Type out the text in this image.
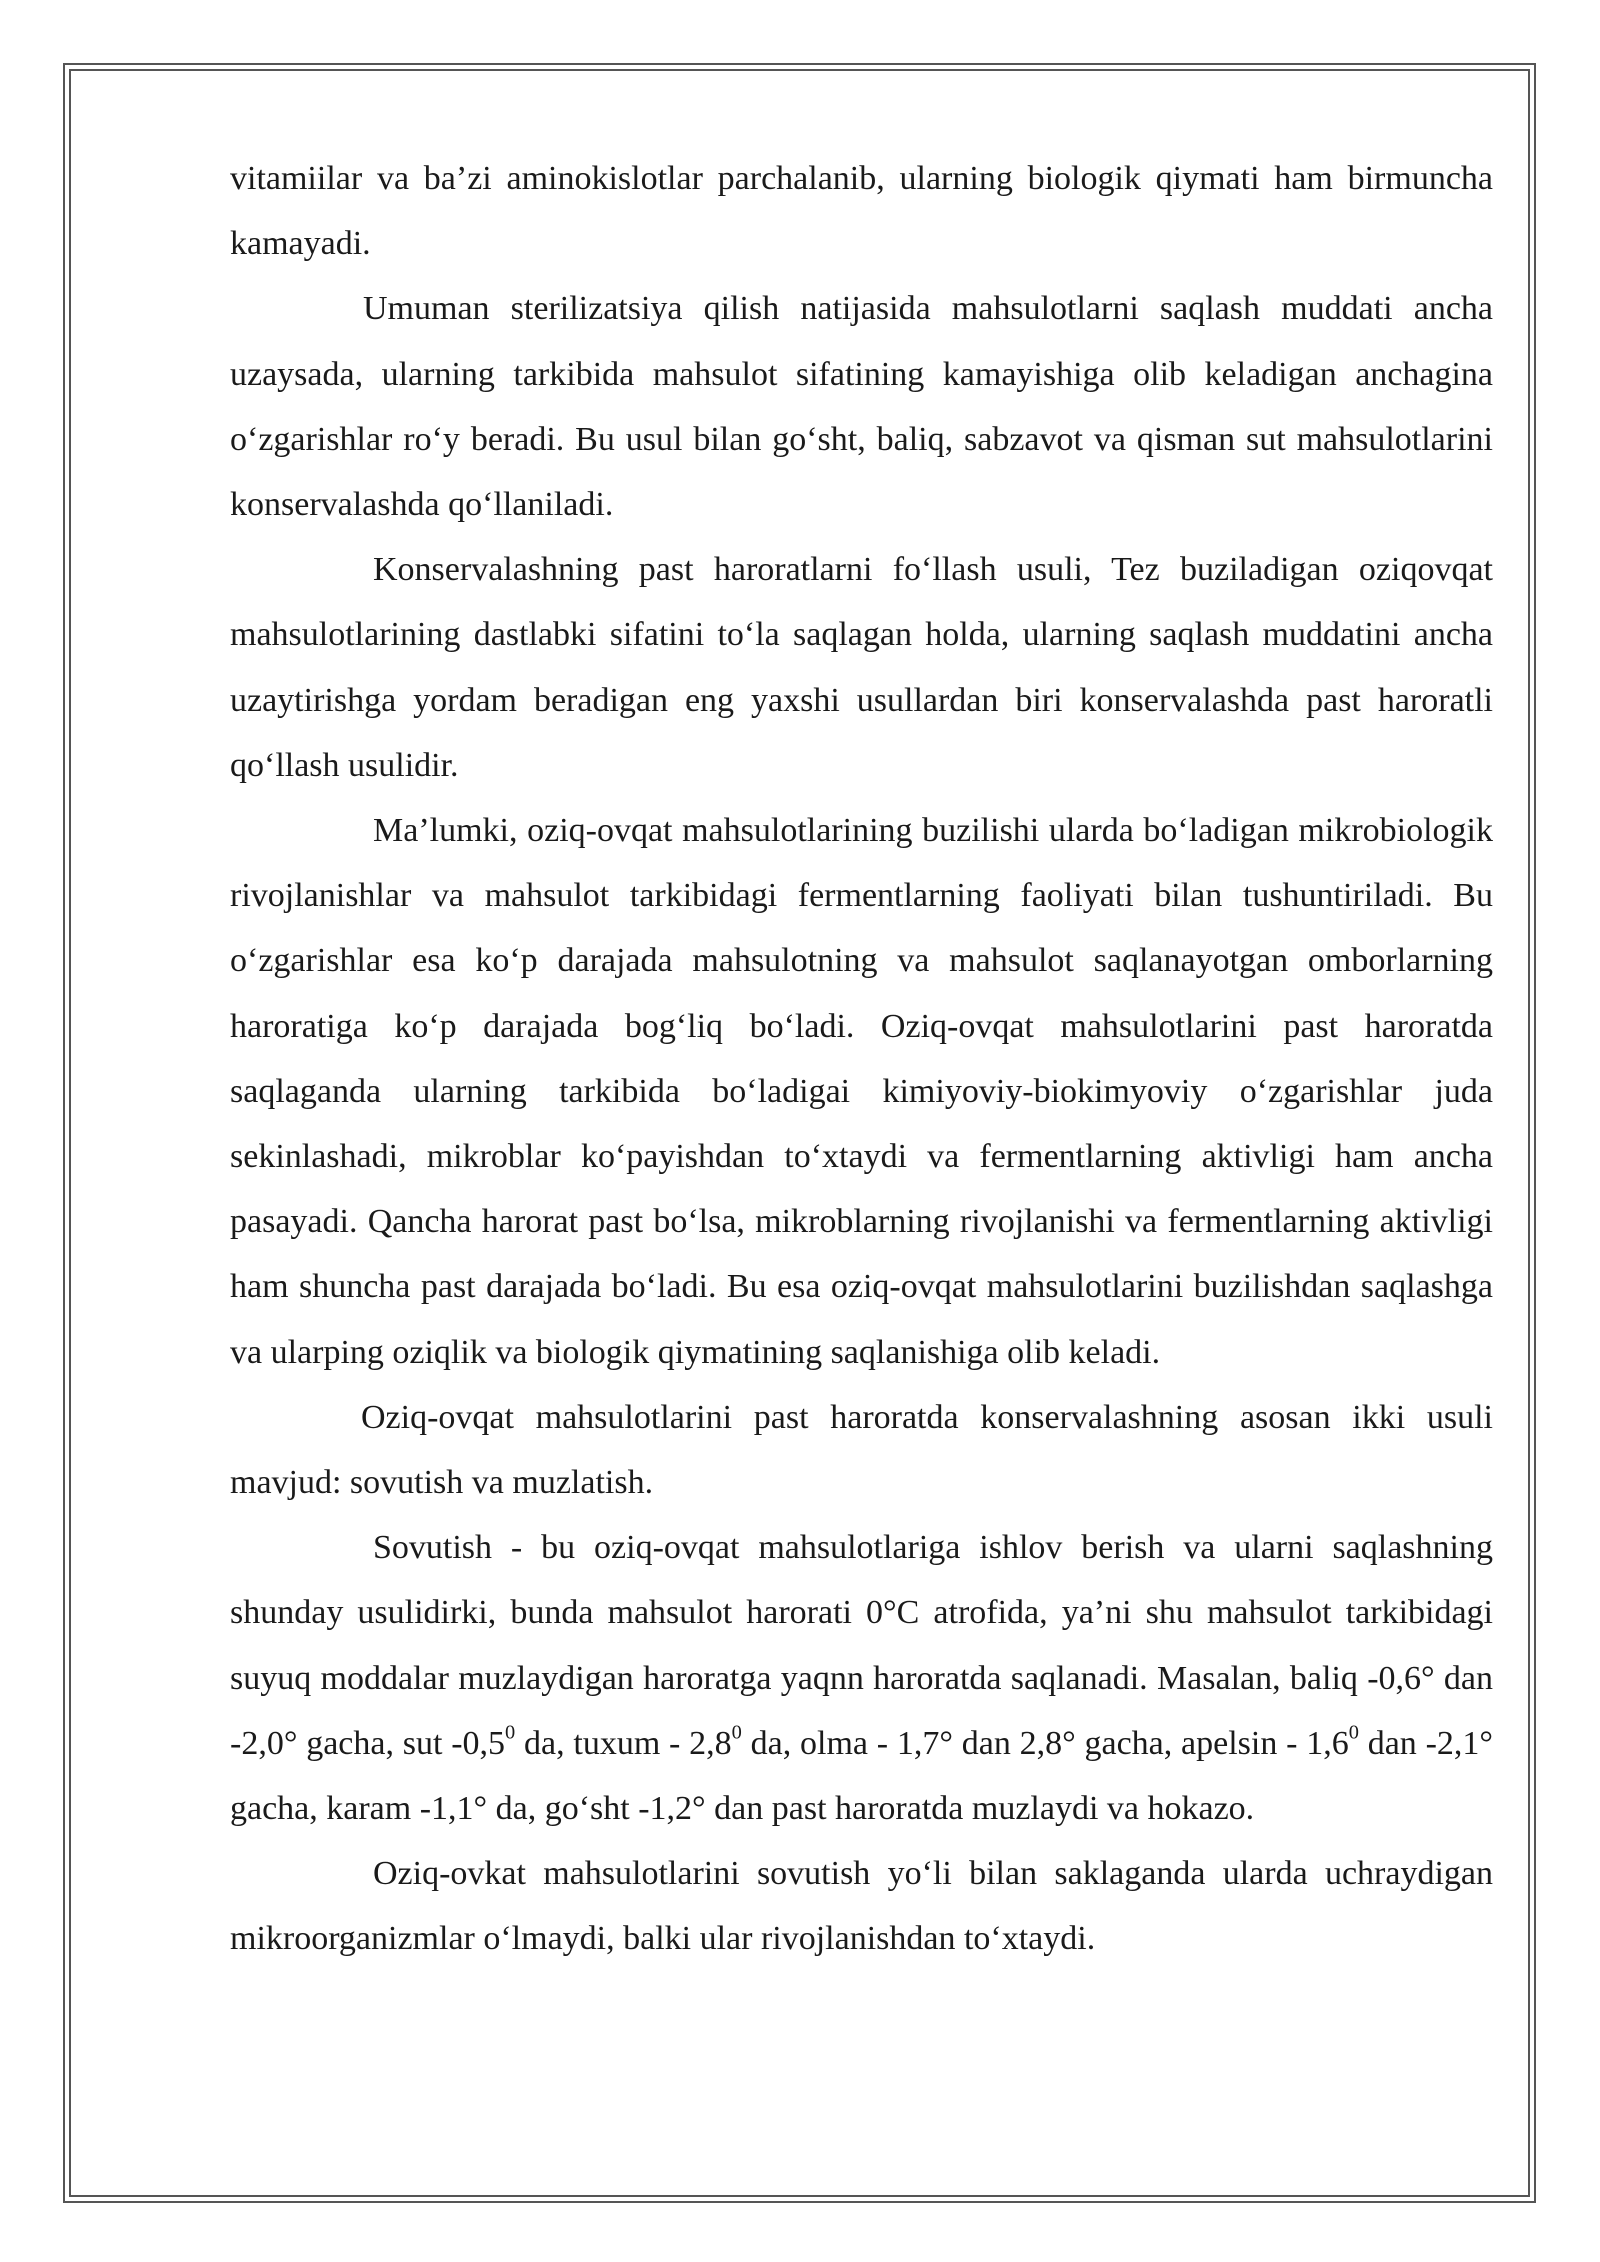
vitamiilar va ba’zi aminokislotlar parchalanib, ularning biologik qiymati ham birmuncha kamayadi.

Umuman sterilizatsiya qilish natijasida mahsulotlarni saqlash muddati ancha uzaysada, ularning tarkibida mahsulot sifatining kamayishiga olib keladigan anchagina o‘zgarishlar ro‘y beradi. Bu usul bilan go‘sht, baliq, sabzavot va qisman sut mahsulotlarini konservalashda qo‘llaniladi.

Konservalashning past haroratlarni fo‘llash usuli, Tez buziladigan oziqovqat mahsulotlarining dastlabki sifatini to‘la saqlagan holda, ularning saqlash muddatini ancha uzaytirishga yordam beradigan eng yaxshi usullardan biri konservalashda past haroratli qo‘llash usulidir.

Ma’lumki, oziq-ovqat mahsulotlarining buzilishi ularda bo‘ladigan mikrobiologik rivojlanishlar va mahsulot tarkibidagi fermentlarning faoliyati bilan tushuntiriladi. Bu o‘zgarishlar esa ko‘p darajada mahsulotning va mahsulot saqlanayotgan omborlarning haroratiga ko‘p darajada bog‘liq bo‘ladi. Oziq-ovqat mahsulotlarini past haroratda saqlaganda ularning tarkibida bo‘ladigai kimiyoviy-biokimyoviy o‘zgarishlar juda sekinlashadi, mikroblar ko‘payishdan to‘xtaydi va fermentlarning aktivligi ham ancha pasayadi. Qancha harorat past bo‘lsa, mikroblarning rivojlanishi va fermentlarning aktivligi ham shuncha past darajada bo‘ladi. Bu esa oziq-ovqat mahsulotlarini buzilishdan saqlashga va ularping oziqlik va biologik qiymatining saqlanishiga olib keladi.

Oziq-ovqat mahsulotlarini past haroratda konservalashning asosan ikki usuli mavjud: sovutish va muzlatish.

Sovutish - bu oziq-ovqat mahsulotlariga ishlov berish va ularni saqlashning shunday usulidirki, bunda mahsulot harorati 0°C atrofida, ya’ni shu mahsulot tarkibidagi suyuq moddalar muzlaydigan haroratga yaqnn haroratda saqlanadi. Masalan, baliq -0,6° dan -2,0° gacha, sut $-0,5^0$ da, tuxum - $2,8^0$ da, olma - 1,7° dan 2,8° gacha, apelsin - $1,6^0$ dan -2,1° gacha, karam -1,1° da, go‘sht -1,2° dan past haroratda muzlaydi va hokazo.

Oziq-ovkat mahsulotlarini sovutish yo‘li bilan saklaganda ularda uchraydigan mikroorganizmlar o‘lmaydi, balki ular rivojlanishdan to‘xtaydi.
